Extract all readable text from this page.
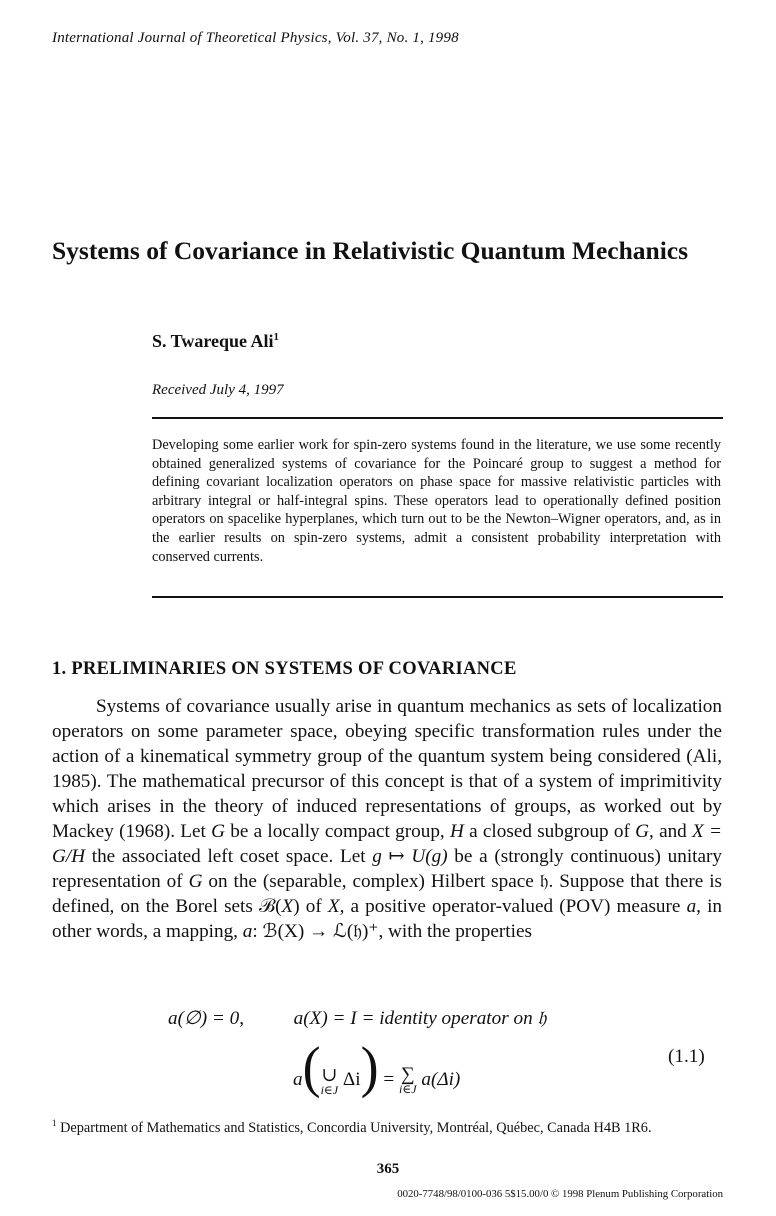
International Journal of Theoretical Physics, Vol. 37, No. 1, 1998
Systems of Covariance in Relativistic Quantum Mechanics
S. Twareque Ali$^1$
Received July 4, 1997
Developing some earlier work for spin-zero systems found in the literature, we use some recently obtained generalized systems of covariance for the Poincaré group to suggest a method for defining covariant localization operators on phase space for massive relativistic particles with arbitrary integral or half-integral spins. These operators lead to operationally defined position operators on spacelike hyperplanes, which turn out to be the Newton–Wigner operators, and, as in the earlier results on spin-zero systems, admit a consistent probability interpretation with conserved currents.
1. PRELIMINARIES ON SYSTEMS OF COVARIANCE
Systems of covariance usually arise in quantum mechanics as sets of localization operators on some parameter space, obeying specific transformation rules under the action of a kinematical symmetry group of the quantum system being considered (Ali, 1985). The mathematical precursor of this concept is that of a system of imprimitivity which arises in the theory of induced representations of groups, as worked out by Mackey (1968). Let G be a locally compact group, H a closed subgroup of G, and X = G/H the associated left coset space. Let g ↦ U(g) be a (strongly continuous) unitary representation of G on the (separable, complex) Hilbert space 𝔥. Suppose that there is defined, on the Borel sets ℬ(X) of X, a positive operator-valued (POV) measure a, in other words, a mapping, a: ℬ(X) → ℒ(𝔥)⁺, with the properties
a(∅) = 0,	a(X) = I = identity operator on 𝔥
a(∪
i∈J
Δi) = ∑
i∈J a(Δi)
(1.1)
$^1$ Department of Mathematics and Statistics, Concordia University, Montréal, Québec, Canada H4B 1R6.
365
0020-7748/98/0100-036 5$15.00/0 © 1998 Plenum Publishing Corporation
